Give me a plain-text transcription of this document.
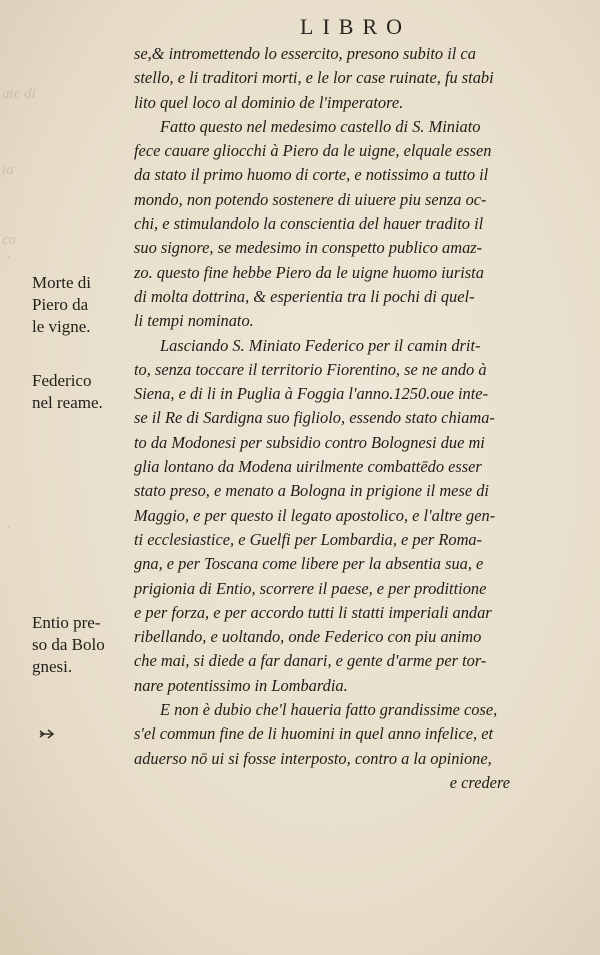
LIBRO
ate di
iu
ca
·
·
se,& intromettendo lo essercito, presono subito il ca
stello, e li traditori morti, e le lor case ruinate, fu stabi
lito quel loco al dominio de l'imperatore.
Fatto questo nel medesimo castello di S. Miniato
fece cauare gliocchi à Piero da le uigne, elquale essen
da stato il primo huomo di corte, e notissimo a tutto il
mondo, non potendo sostenere di uiuere piu senza oc-
chi, e stimulandolo la conscientia del hauer tradito il
suo signore, se medesimo in conspetto publico amaz-
zo. questo fine hebbe Piero da le uigne huomo iurista
di molta dottrina, & esperientia tra li pochi di quel-
li tempi nominato.
Lasciando S. Miniato Federico per il camin drit-
to, senza toccare il territorio Fiorentino, se ne ando à
Siena, e di li in Puglia à Foggia l'anno.1250.oue inte-
se il Re di Sardigna suo figliolo, essendo stato chiama-
to da Modonesi per subsidio contro Bolognesi due mi
glia lontano da Modena uirilmente combattēdo esser
stato preso, e menato a Bologna in prigione il mese di
Maggio, e per questo il legato apostolico, e l'altre gen-
ti ecclesiastice, e Guelfi per Lombardia, e per Roma-
gna, e per Toscana come libere per la absentia sua, e
prigionia di Entio, scorrere il paese, e per prodittione
e per forza, e per accordo tutti li statti imperiali andar
ribellando, e uoltando, onde Federico con piu animo
che mai, si diede a far danari, e gente d'arme per tor-
nare potentissimo in Lombardia.
E non è dubio che'l haueria fatto grandissime cose,
s'el commun fine de li huomini in quel anno infelice, et
aduerso nō ui si fosse interposto, contro a la opinione,
e credere
Morte di
Piero da
le vigne.
Federico
nel reame.
Entio pre-
so da Bolo
gnesi.
